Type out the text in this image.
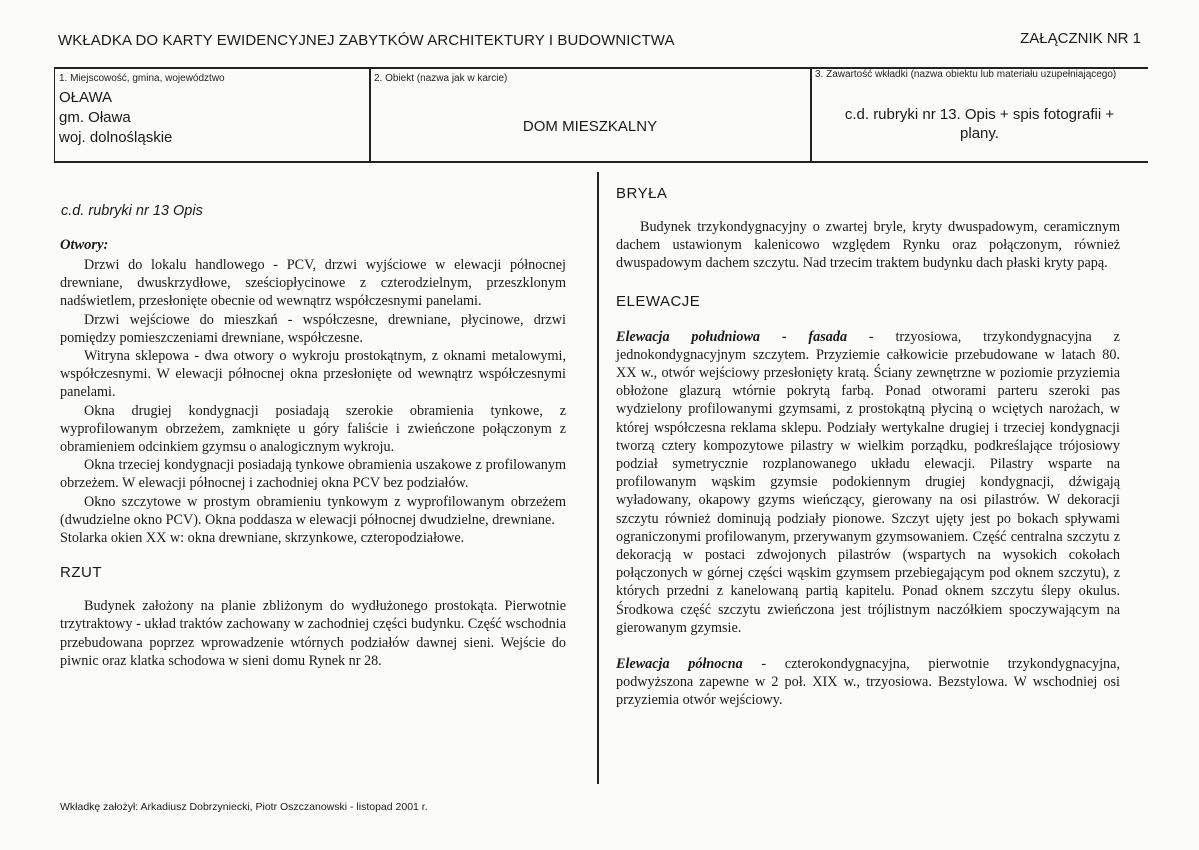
WKŁADKA DO KARTY EWIDENCYJNEJ ZABYTKÓW ARCHITEKTURY I BUDOWNICTWA	ZAŁĄCZNIK NR 1
1. Miejscowość, gmina, województwo
OŁAWA
gm. Oława
woj. dolnośląskie
2. Obiekt (nazwa jak w karcie)
DOM MIESZKALNY
3. Zawartość wkładki (nazwa obiektu lub materiału uzupełniającego)
c.d. rubryki nr 13. Opis + spis fotografii +
plany.
c.d. rubryki nr 13 Opis
Otwory:

Drzwi do lokalu handlowego - PCV, drzwi wyjściowe w elewacji północnej drewniane, dwuskrzydłowe, sześciopłycinowe z czterodzielnym, przeszklonym nadświetlem, przesłonięte obecnie od wewnątrz współczesnymi panelami.

Drzwi wejściowe do mieszkań - współczesne, drewniane, płycinowe, drzwi pomiędzy pomieszczeniami drewniane, współczesne.

Witryna sklepowa - dwa otwory o wykroju prostokątnym, z oknami metalowymi, współczesnymi. W elewacji północnej okna przesłonięte od wewnątrz współczesnymi panelami.

Okna drugiej kondygnacji posiadają szerokie obramienia tynkowe, z wyprofilowanym obrzeżem, zamknięte u góry faliście i zwieńczone połączonym z obramieniem odcinkiem gzymsu o analogicznym wykroju.

Okna trzeciej kondygnacji posiadają tynkowe obramienia uszakowe z profilowanym obrzeżem. W elewacji północnej i zachodniej okna PCV bez podziałów.

Okno szczytowe w prostym obramieniu tynkowym z wyprofilowanym obrzeżem (dwudzielne okno PCV). Okna poddasza w elewacji północnej dwudzielne, drewniane.

Stolarka okien XX w: okna drewniane, skrzynkowe, czteropodziałowe.

RZUT

Budynek założony na planie zbliżonym do wydłużonego prostokąta. Pierwotnie trzytraktowy - układ traktów zachowany w zachodniej części budynku. Część wschodnia przebudowana poprzez wprowadzenie wtórnych podziałów dawnej sieni. Wejście do piwnic oraz klatka schodowa w sieni domu Rynek nr 28.

BRYŁA

Budynek trzykondygnacyjny o zwartej bryle, kryty dwuspadowym, ceramicznym dachem ustawionym kalenicowo względem Rynku oraz połączonym, również dwuspadowym dachem szczytu. Nad trzecim traktem budynku dach płaski kryty papą.

ELEWACJE

Elewacja południowa - fasada - trzyosiowa, trzykondygnacyjna z jednokondygnacyjnym szczytem. Przyziemie całkowicie przebudowane w latach 80. XX w., otwór wejściowy przesłonięty kratą. Ściany zewnętrzne w poziomie przyziemia obłożone glazurą wtórnie pokrytą farbą. Ponad otworami parteru szeroki pas wydzielony profilowanymi gzymsami, z prostokątną płyciną o wciętych narożach, w której współczesna reklama sklepu. Podziały wertykalne drugiej i trzeciej kondygnacji tworzą cztery kompozytowe pilastry w wielkim porządku, podkreślające trójosiowy podział symetrycznie rozplanowanego układu elewacji. Pilastry wsparte na profilowanym wąskim gzymsie podokiennym drugiej kondygnacji, dźwigają wyładowany, okapowy gzyms wieńczący, gierowany na osi pilastrów. W dekoracji szczytu również dominują podziały pionowe. Szczyt ujęty jest po bokach spływami ograniczonymi profilowanym, przerywanym gzymsowaniem. Część centralna szczytu z dekoracją w postaci zdwojonych pilastrów (wspartych na wysokich cokołach połączonych w górnej części wąskim gzymsem przebiegającym pod oknem szczytu), z których przedni z kanelowaną partią kapitelu. Ponad oknem szczytu ślepy okulus. Środkowa część szczytu zwieńczona jest trójlistnym naczółkiem spoczywającym na gierowanym gzymsie.

Elewacja północna - czterokondygnacyjna, pierwotnie trzykondygnacyjna, podwyższona zapewne w 2 poł. XIX w., trzyosiowa. Bezstylowa. W wschodniej osi przyziemia otwór wejściowy.

Wkładkę założył: Arkadiusz Dobrzyniecki, Piotr Oszczanowski - listopad 2001 r.
